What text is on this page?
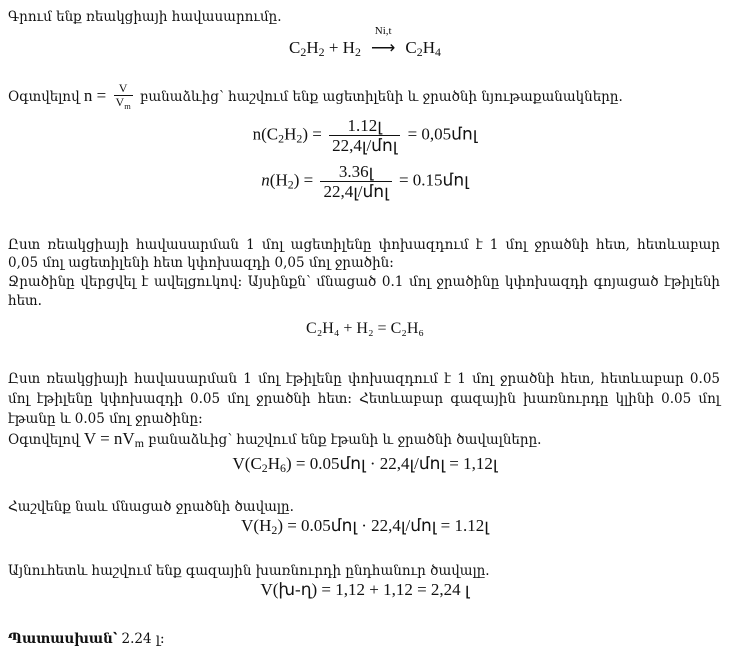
Գրում ենք ռեակցիայի հավասարումը.
$C_2H_2 + H_2$
Ni,t
⟶ $C_2H_4$
Օգտվելով $n = \frac{V}{V_m}$ բանաձևից՝ հաշվում ենք ացետիլենի և ջրածնի նյութաքանակները.
$n(C_2H_2) = \frac{\text{1.12լ}}{\text{22,4լ/մոլ}}$ = 0,05մոլ
$n(H_2) = \frac{\text{3.36լ}}{\text{22,4լ/մոլ}}$ = 0.15մոլ
Ըստ ռեակցիայի հավասարման 1 մոլ ացետիլենը փոխազդում է 1 մոլ ջրածնի հետ, հետևաբար
0,05 մոլ ացետիլենի հետ կփոխազդի 0,05 մոլ ջրածին:
Ջրածինը վերցվել է ավելցուկով: Այսինքն՝ մնացած 0.1 մոլ ջրածինը կփոխազդի գոյացած էթիլենի
հետ.
C₂H₄ + H₂ = C₂H₆
Ըստ ռեակցիայի հավասարման 1 մոլ էթիլենը փոխազդում է 1 մոլ ջրածնի հետ, հետևաբար 0.05
մոլ էթիլենը կփոխազդի 0.05 մոլ ջրածնի հետ: Հետևաբար գազային խառնուրդը կլինի 0.05 մոլ
էթանը և 0.05 մոլ ջրածինը:
Օգտվելով $V = nV_m$ բանաձևից՝ հաշվում ենք էթանի և ջրածնի ծավալները.
$V(C_2H_6)$ = 0.05մոլ · 22,4լ/մոլ = 1,12լ
Հաշվենք նաև մնացած ջրածնի ծավալը.
$V(H_2)$ = 0.05մոլ · 22,4լ/մոլ = 1.12լ
Այնուհետև հաշվում ենք գազային խառնուրդի ընդհանուր ծավալը.
V(խ-ղ) = 1,12 + 1,12 = 2,24 լ
Պատասխան՝ 2.24 լ:
